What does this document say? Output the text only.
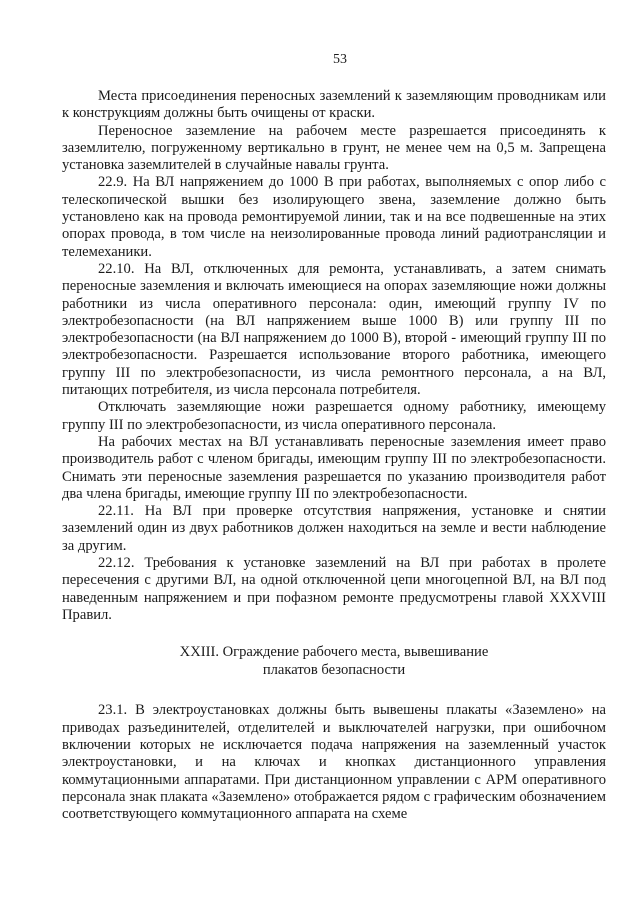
53

Места присоединения переносных заземлений к заземляющим проводникам или к конструкциям должны быть очищены от краски.

Переносное заземление на рабочем месте разрешается присоединять к заземлителю, погруженному вертикально в грунт, не менее чем на 0,5 м. Запрещена установка заземлителей в случайные навалы грунта.

22.9. На ВЛ напряжением до 1000 В при работах, выполняемых с опор либо с телескопической вышки без изолирующего звена, заземление должно быть установлено как на провода ремонтируемой линии, так и на все подвешенные на этих опорах провода, в том числе на неизолированные провода линий радиотрансляции и телемеханики.

22.10. На ВЛ, отключенных для ремонта, устанавливать, а затем снимать переносные заземления и включать имеющиеся на опорах заземляющие ножи должны работники из числа оперативного персонала: один, имеющий группу IV по электробезопасности (на ВЛ напряжением выше 1000 В) или группу III по электробезопасности (на ВЛ напряжением до 1000 В), второй - имеющий группу III по электробезопасности. Разрешается использование второго работника, имеющего группу III по электробезопасности, из числа ремонтного персонала, а на ВЛ, питающих потребителя, из числа персонала потребителя.

Отключать заземляющие ножи разрешается одному работнику, имеющему группу III по электробезопасности, из числа оперативного персонала.

На рабочих местах на ВЛ устанавливать переносные заземления имеет право производитель работ с членом бригады, имеющим группу III по электробезопасности. Снимать эти переносные заземления разрешается по указанию производителя работ два члена бригады, имеющие группу III по электробезопасности.

22.11. На ВЛ при проверке отсутствия напряжения, установке и снятии заземлений один из двух работников должен находиться на земле и вести наблюдение за другим.

22.12. Требования к установке заземлений на ВЛ при работах в пролете пересечения с другими ВЛ, на одной отключенной цепи многоцепной ВЛ, на ВЛ под наведенным напряжением и при пофазном ремонте предусмотрены главой XXXVIII Правил.

XXIII. Ограждение рабочего места, вывешивание
плакатов безопасности

23.1. В электроустановках должны быть вывешены плакаты «Заземлено» на приводах разъединителей, отделителей и выключателей нагрузки, при ошибочном включении которых не исключается подача напряжения на заземленный участок электроустановки, и на ключах и кнопках дистанционного управления коммутационными аппаратами. При дистанционном управлении с АРМ оперативного персонала знак плаката «Заземлено» отображается рядом с графическим обозначением соответствующего коммутационного аппарата на схеме
